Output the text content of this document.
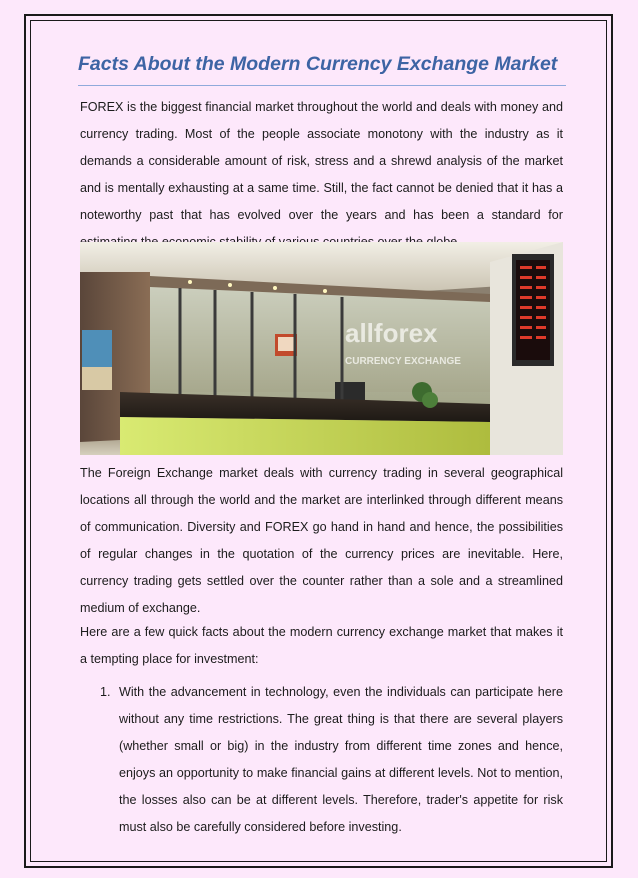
Facts About the Modern Currency Exchange Market

FOREX is the biggest financial market throughout the world and deals with money and currency trading. Most of the people associate monotony with the industry as it demands a considerable amount of risk, stress and a shrewd analysis of the market and is mentally exhausting at a same time. Still, the fact cannot be denied that it has a noteworthy past that has evolved over the years and has been a standard for

allforex
CURRENCY EXCHANGE

The Foreign Exchange market deals with currency trading in several geographical locations all through the world and the market are interlinked through different means of communication. Diversity and FOREX go hand in hand and hence, the possibilities of regular changes in the quotation of the currency prices are inevitable. Here, currency trading gets settled over the counter rather than a sole and a streamlined medium of exchange.

Here are a few quick facts about the modern currency exchange market that makes it a tempting place for investment:

1. With the advancement in technology, even the individuals can participate here without any time restrictions. The great thing is that there are several players (whether small or big) in the industry from different time zones and hence, enjoys an opportunity to make financial gains at different levels. Not to mention, the losses also can be at different levels. Therefore, trader's appetite for risk must also be carefully considered before investing.
